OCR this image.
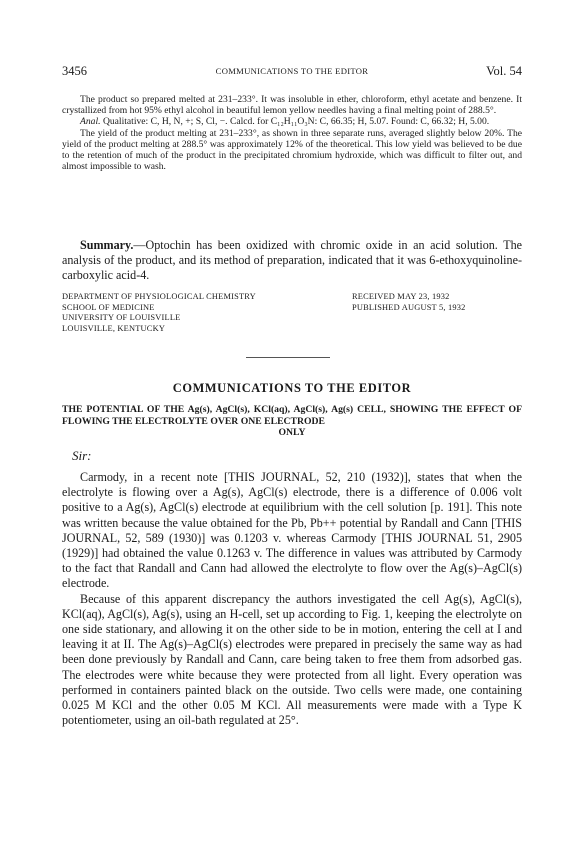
3456	COMMUNICATIONS TO THE EDITOR	Vol. 54

The product so prepared melted at 231–233°. It was insoluble in ether, chloroform, ethyl acetate and benzene. It crystallized from hot 95% ethyl alcohol in beautiful lemon yellow needles having a final melting point of 288.5°.

Anal. Qualitative: C, H, N, +; S, Cl, −. Calcd. for C₁₂H₁₁O₃N: C, 66.35; H, 5.07. Found: C, 66.32; H, 5.00.

The yield of the product melting at 231–233°, as shown in three separate runs, averaged slightly below 20%. The yield of the product melting at 288.5° was approximately 12% of the theoretical. This low yield was believed to be due to the retention of much of the product in the precipitated chromium hydroxide, which was difficult to filter out, and almost impossible to wash.

Summary.—Optochin has been oxidized with chromic oxide in an acid solution. The analysis of the product, and its method of preparation, indicated that it was 6-ethoxyquinoline-carboxylic acid-4.

DEPARTMENT OF PHYSIOLOGICAL CHEMISTRY
SCHOOL OF MEDICINE
UNIVERSITY OF LOUISVILLE
LOUISVILLE, KENTUCKY
RECEIVED MAY 23, 1932
PUBLISHED AUGUST 5, 1932
COMMUNICATIONS TO THE EDITOR
THE POTENTIAL OF THE Ag(s), AgCl(s), KCl(aq), AgCl(s), Ag(s) CELL, SHOWING THE EFFECT OF FLOWING THE ELECTROLYTE OVER ONE ELECTRODE
ONLY
Sir:

Carmody, in a recent note [THIS JOURNAL, 52, 210 (1932)], states that when the electrolyte is flowing over a Ag(s), AgCl(s) electrode, there is a difference of 0.006 volt positive to a Ag(s), AgCl(s) electrode at equilibrium with the cell solution [p. 191]. This note was written because the value obtained for the Pb, Pb++ potential by Randall and Cann [THIS JOURNAL, 52, 589 (1930)] was 0.1203 v. whereas Carmody [THIS JOURNAL 51, 2905 (1929)] had obtained the value 0.1263 v. The difference in values was attributed by Carmody to the fact that Randall and Cann had allowed the electrolyte to flow over the Ag(s)–AgCl(s) electrode.

Because of this apparent discrepancy the authors investigated the cell Ag(s), AgCl(s), KCl(aq), AgCl(s), Ag(s), using an H-cell, set up according to Fig. 1, keeping the electrolyte on one side stationary, and allowing it on the other side to be in motion, entering the cell at I and leaving it at II. The Ag(s)–AgCl(s) electrodes were prepared in precisely the same way as had been done previously by Randall and Cann, care being taken to free them from adsorbed gas. The electrodes were white because they were protected from all light. Every operation was performed in containers painted black on the outside. Two cells were made, one containing 0.025 M KCl and the other 0.05 M KCl. All measurements were made with a Type K potentiometer, using an oil-bath regulated at 25°.
